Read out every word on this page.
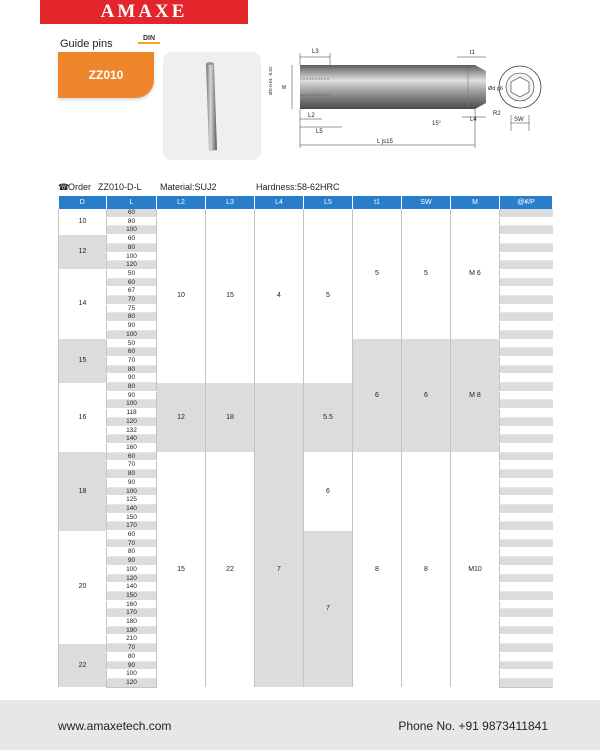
AMAXE
Guide pins	DIN
ZZ010
L3	t1
M
ØD-0.01 -0.02	Ød g6
L2
L5
L4
R2
SW
15°
L js15
☎
Order ZZ010-D-L Material:SUJ2	Hardness:58-62HRC
D	L	L2	L3	L4	L5	t1	SW	M	@¥/P
10	60	10	15	4	5	5	5	M 6	
	80								
	100								
12	60								
	80								
	100								
	120								
14	50								
	60								
	67								
	70								
	75								
	80								
	90								
	100								
15	50					6	6	M 8	
	60								
	70								
	80								
	90								
16	80	12	18		5.5				
	90								
	100								
	118								
	120								
	132								
	140								
	160								
18	60	15	22	7	6	8	8	M10	
	70								
	80								
	90								
	100								
	125								
	140								
	150								
	170								
20	60				7				
	70								
	80								
	90								
	100								
	120								
	140								
	150								
	160								
	170								
	180								
	190								
	210								
22	70								
	80								
	90								
	100								
	120								
www.amaxetech.com	Phone No. +91 9873411841
